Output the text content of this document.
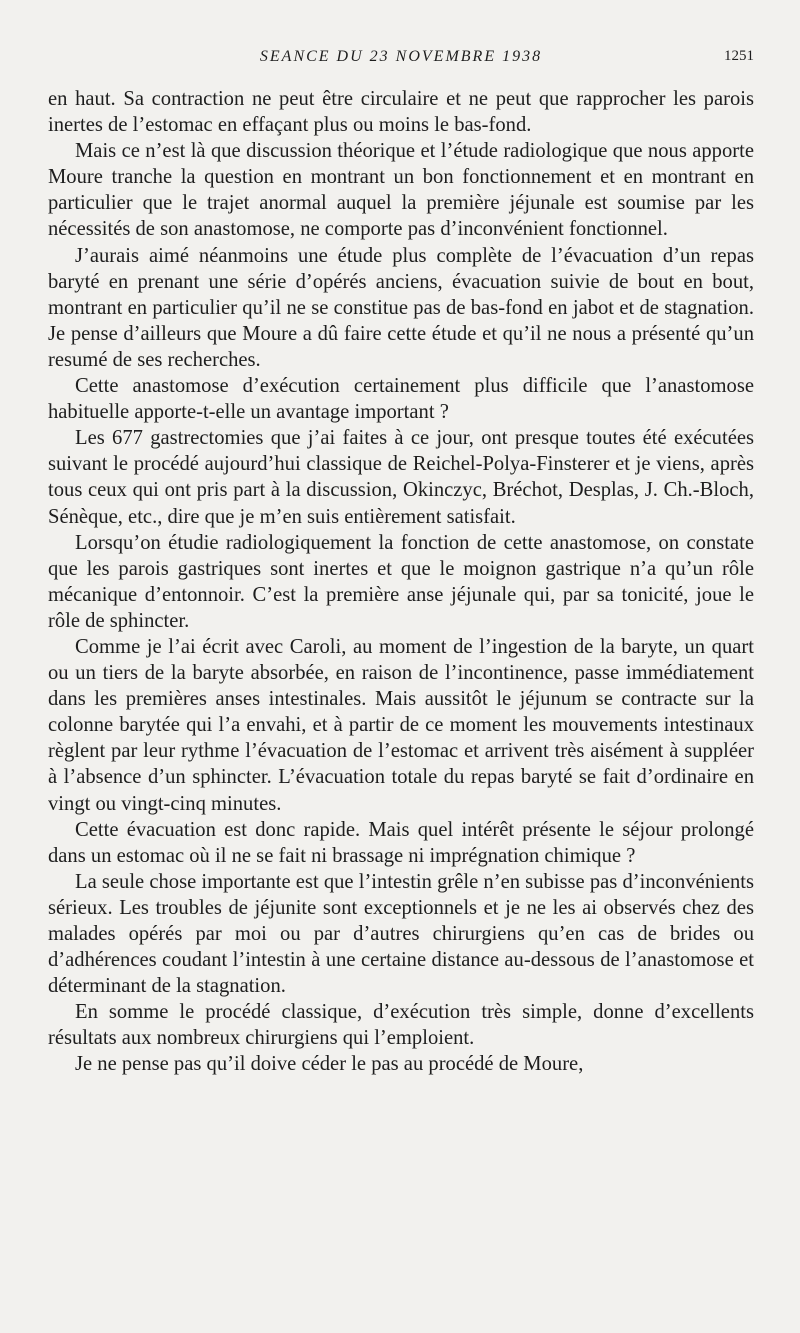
SEANCE DU 23 NOVEMBRE 1938	1251

en haut. Sa contraction ne peut être circulaire et ne peut que rapprocher les parois inertes de l’estomac en effaçant plus ou moins le bas-fond.

Mais ce n’est là que discussion théorique et l’étude radiologique que nous apporte Moure tranche la question en montrant un bon fonctionnement et en montrant en particulier que le trajet anormal auquel la première jéjunale est soumise par les nécessités de son anastomose, ne comporte pas d’inconvénient fonctionnel.

J’aurais aimé néanmoins une étude plus complète de l’évacuation d’un repas baryté en prenant une série d’opérés anciens, évacuation suivie de bout en bout, montrant en particulier qu’il ne se constitue pas de bas-fond en jabot et de stagnation. Je pense d’ailleurs que Moure a dû faire cette étude et qu’il ne nous a présenté qu’un resumé de ses recherches.

Cette anastomose d’exécution certainement plus difficile que l’anastomose habituelle apporte-t-elle un avantage important ?

Les 677 gastrectomies que j’ai faites à ce jour, ont presque toutes été exécutées suivant le procédé aujourd’hui classique de Reichel-Polya-Finsterer et je viens, après tous ceux qui ont pris part à la discussion, Okinczyc, Bréchot, Desplas, J. Ch.-Bloch, Sénèque, etc., dire que je m’en suis entièrement satisfait.

Lorsqu’on étudie radiologiquement la fonction de cette anastomose, on constate que les parois gastriques sont inertes et que le moignon gastrique n’a qu’un rôle mécanique d’entonnoir. C’est la première anse jéjunale qui, par sa tonicité, joue le rôle de sphincter.

Comme je l’ai écrit avec Caroli, au moment de l’ingestion de la baryte, un quart ou un tiers de la baryte absorbée, en raison de l’incontinence, passe immédiatement dans les premières anses intestinales. Mais aussitôt le jéjunum se contracte sur la colonne barytée qui l’a envahi, et à partir de ce moment les mouvements intestinaux règlent par leur rythme l’évacuation de l’estomac et arrivent très aisément à suppléer à l’absence d’un sphincter. L’évacuation totale du repas baryté se fait d’ordinaire en vingt ou vingt-cinq minutes.

Cette évacuation est donc rapide. Mais quel intérêt présente le séjour prolongé dans un estomac où il ne se fait ni brassage ni imprégnation chimique ?

La seule chose importante est que l’intestin grêle n’en subisse pas d’inconvénients sérieux. Les troubles de jéjunite sont exceptionnels et je ne les ai observés chez des malades opérés par moi ou par d’autres chirurgiens qu’en cas de brides ou d’adhérences coudant l’intestin à une certaine distance au-dessous de l’anastomose et déterminant de la stagnation.

En somme le procédé classique, d’exécution très simple, donne d’excellents résultats aux nombreux chirurgiens qui l’emploient.

Je ne pense pas qu’il doive céder le pas au procédé de Moure,
